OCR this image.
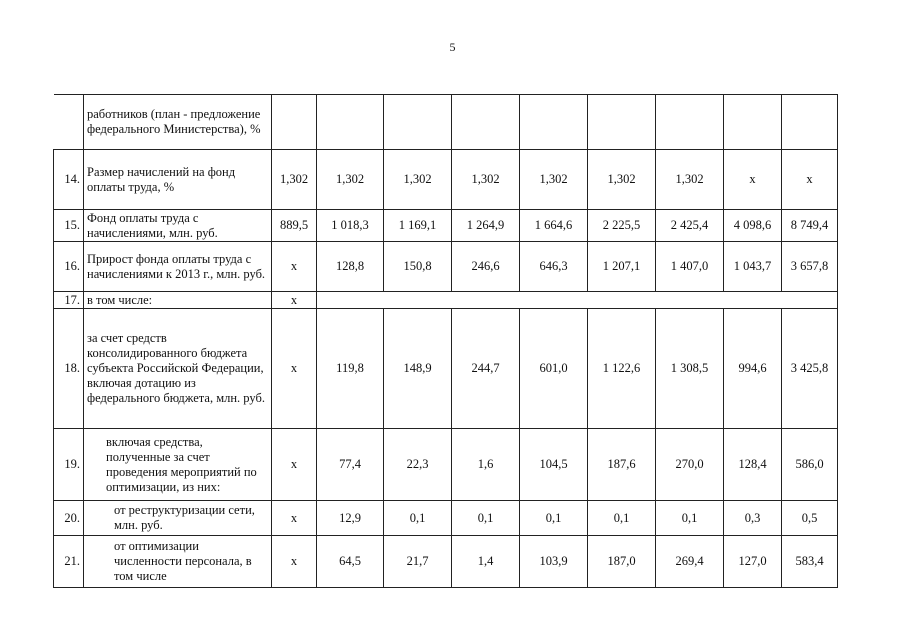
5
	работников (план - предложение федерального Министерства), %									
14.	Размер начислений на фонд оплаты труда, %	1,302	1,302	1,302	1,302	1,302	1,302	1,302	x	x
15.	Фонд оплаты труда с начислениями, млн. руб.	889,5	1 018,3	1 169,1	1 264,9	1 664,6	2 225,5	2 425,4	4 098,6	8 749,4
16.	Прирост фонда оплаты труда с начислениями к 2013 г., млн. руб.	x	128,8	150,8	246,6	646,3	1 207,1	1 407,0	1 043,7	3 657,8
17.	в том числе:	x								
18.	за счет средств консолидированного бюджета субъекта Российской Федерации, включая дотацию из федерального бюджета, млн. руб.	x	119,8	148,9	244,7	601,0	1 122,6	1 308,5	994,6	3 425,8
19.	включая средства, полученные за счет проведения мероприятий по оптимизации, из них:	x	77,4	22,3	1,6	104,5	187,6	270,0	128,4	586,0
20.	от реструктуризации сети, млн. руб.	x	12,9	0,1	0,1	0,1	0,1	0,1	0,3	0,5
21.	от оптимизации численности персонала, в том числе	x	64,5	21,7	1,4	103,9	187,0	269,4	127,0	583,4
